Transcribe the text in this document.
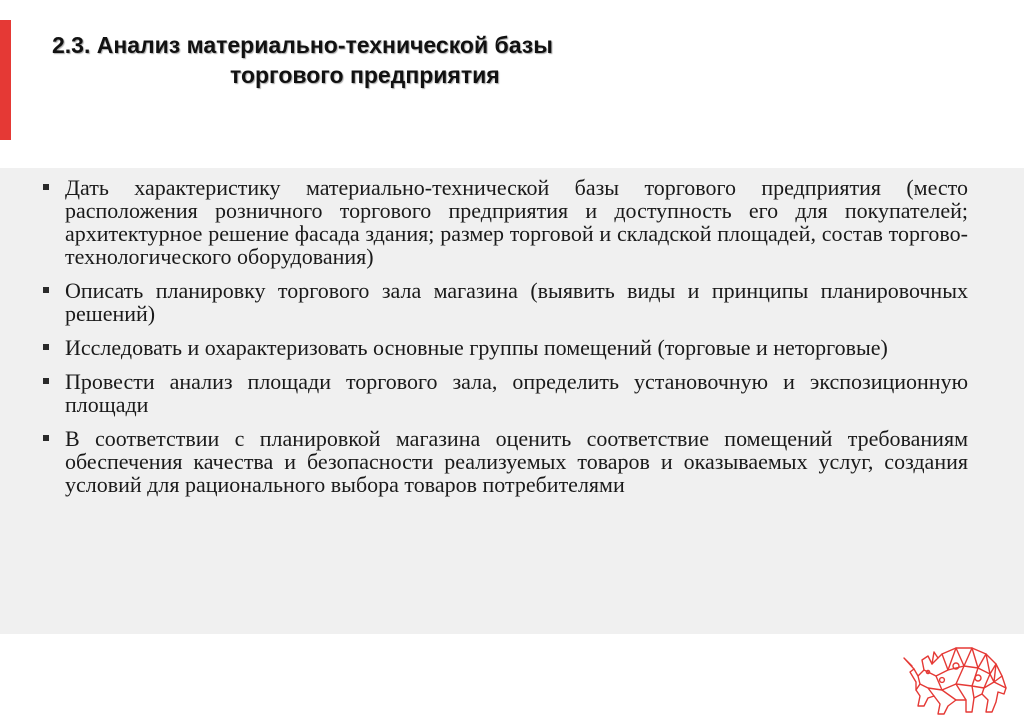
2.3. Анализ материально-технической базы
торгового предприятия
Дать характеристику материально-технической базы торгового предприятия (место расположения розничного торгового предприятия и доступность его для покупателей; архитектурное решение фасада здания; размер торговой и складской площадей, состав торгово-технологического оборудования)
Описать планировку торгового зала магазина (выявить виды и принципы планировочных решений)
Исследовать и охарактеризовать основные группы помещений (торговые и неторговые)
Провести анализ площади торгового зала, определить установочную и экспозиционную площади
В соответствии с планировкой магазина оценить соответствие помещений требованиям обеспечения качества и безопасности реализуемых товаров и оказываемых услуг, создания условий для рационального выбора товаров потребителями
